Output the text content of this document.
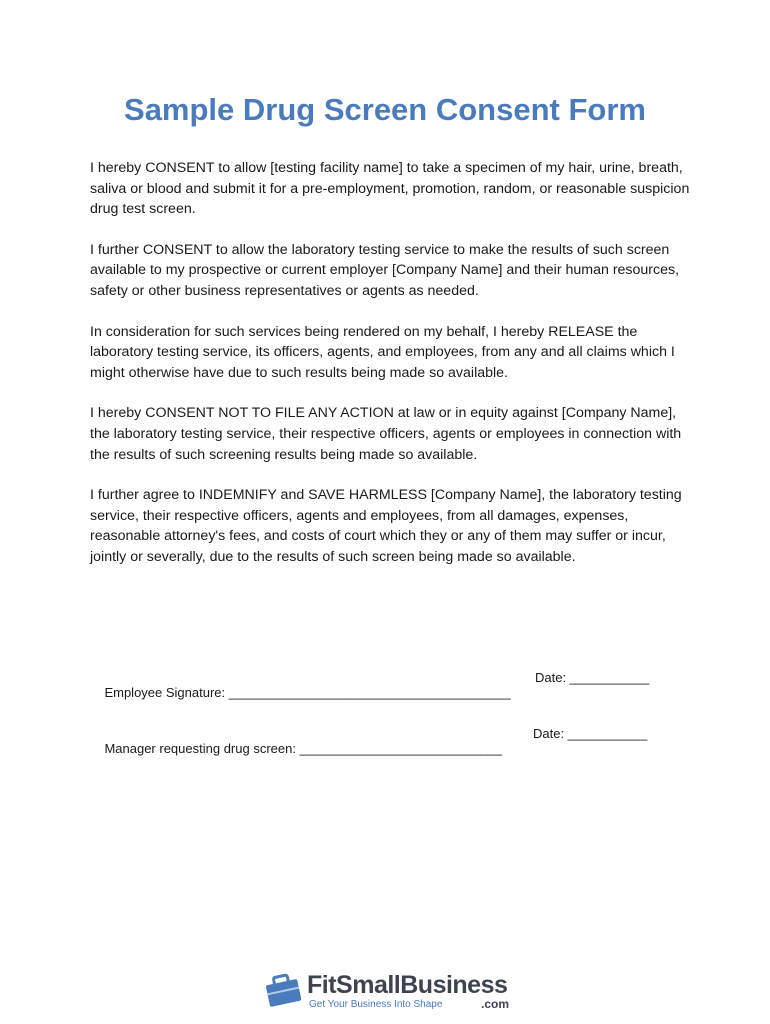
Sample Drug Screen Consent Form

I hereby CONSENT to allow [testing facility name] to take a specimen of my hair, urine, breath, saliva or blood and submit it for a pre-employment, promotion, random, or reasonable suspicion drug test screen.

I further CONSENT to allow the laboratory testing service to make the results of such screen available to my prospective or current employer [Company Name] and their human resources, safety or other business representatives or agents as needed.

In consideration for such services being rendered on my behalf, I hereby RELEASE the laboratory testing service, its officers, agents, and employees, from any and all claims which I might otherwise have due to such results being made so available.

I hereby CONSENT NOT TO FILE ANY ACTION at law or in equity against [Company Name], the laboratory testing service, their respective officers, agents or employees in connection with the results of such screening results being made so available.

I further agree to INDEMNIFY and SAVE HARMLESS [Company Name], the laboratory testing service, their respective officers, agents and employees, from all damages, expenses, reasonable attorney's fees, and costs of court which they or any of them may suffer or incur, jointly or severally, due to the results of such screen being made so available.

Employee Signature: _______________________________________

Date: ___________

Manager requesting drug screen: ____________________________

Date: ___________

FitSmallBusiness
.com
Get Your Business Into Shape
